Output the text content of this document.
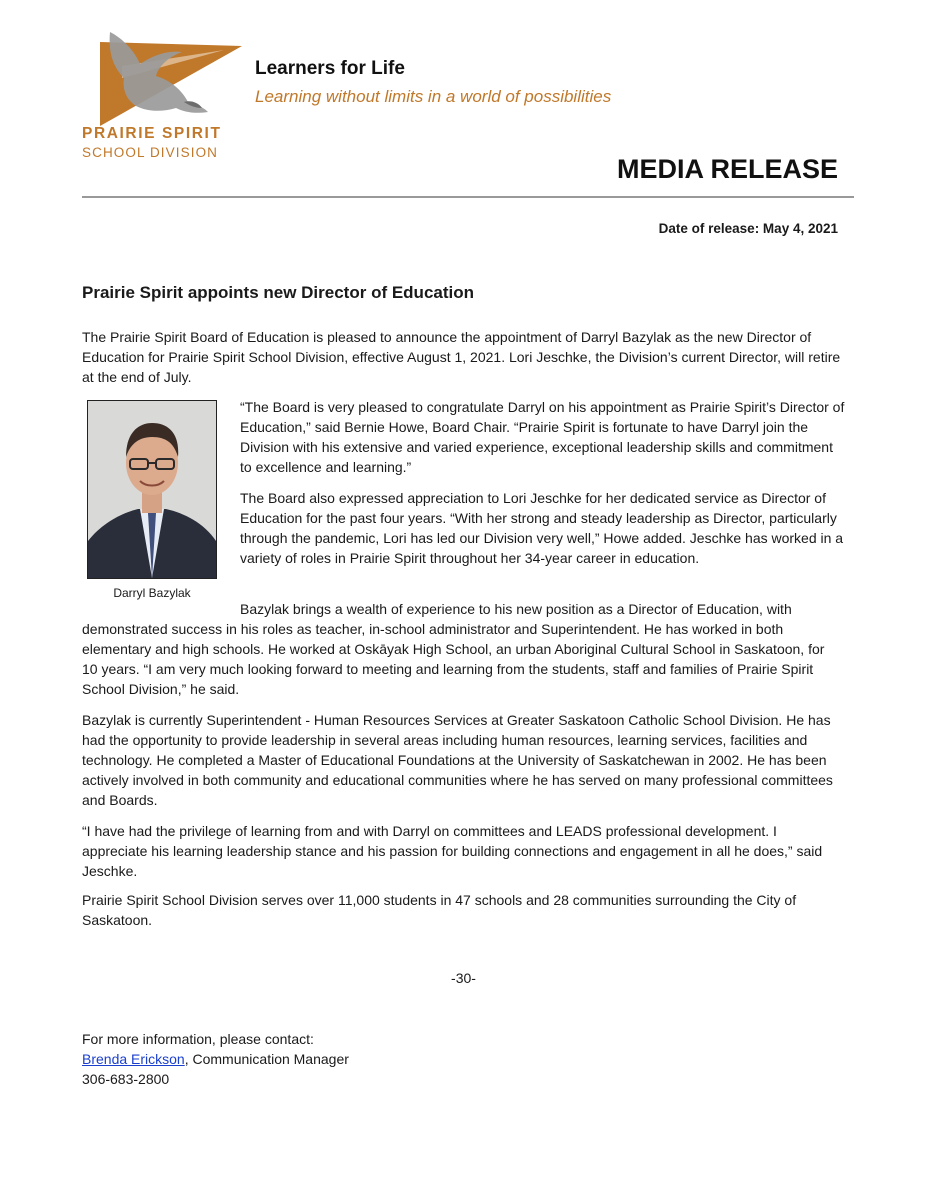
PRAIRIE SPIRIT

SCHOOL DIVISION

Learners for Life

Learning without limits in a world of possibilities

MEDIA RELEASE

Date of release: May 4, 2021

Prairie Spirit appoints new Director of Education

The Prairie Spirit Board of Education is pleased to announce the appointment of Darryl Bazylak as the new Director of Education for Prairie Spirit School Division, effective August 1, 2021. Lori Jeschke, the Division’s current Director, will retire at the end of July.

Darryl Bazylak

“The Board is very pleased to congratulate Darryl on his appointment as Prairie Spirit’s Director of Education,” said Bernie Howe, Board Chair. “Prairie Spirit is fortunate to have Darryl join the Division with his extensive and varied experience, exceptional leadership skills and commitment to excellence and learning.”

The Board also expressed appreciation to Lori Jeschke for her dedicated service as Director of Education for the past four years. “With her strong and steady leadership as Director, particularly through the pandemic, Lori has led our Division very well,” Howe added. Jeschke has worked in a variety of roles in Prairie Spirit throughout her 34-year career in education.

Bazylak brings a wealth of experience to his new position as a Director of Education, with demonstrated success in his roles as teacher, in-school administrator and Superintendent. He has worked in both elementary and high schools. He worked at Oskāyak High School, an urban Aboriginal Cultural School in Saskatoon, for 10 years. “I am very much looking forward to meeting and learning from the students, staff and families of Prairie Spirit School Division,” he said.

Bazylak is currently Superintendent - Human Resources Services at Greater Saskatoon Catholic School Division. He has had the opportunity to provide leadership in several areas including human resources, learning services, facilities and technology. He completed a Master of Educational Foundations at the University of Saskatchewan in 2002. He has been actively involved in both community and educational communities where he has served on many professional committees and Boards.

“I have had the privilege of learning from and with Darryl on committees and LEADS professional development. I appreciate his learning leadership stance and his passion for building connections and engagement in all he does,” said Jeschke.

Prairie Spirit School Division serves over 11,000 students in 47 schools and 28 communities surrounding the City of Saskatoon.

-30-

For more information, please contact:

Brenda Erickson, Communication Manager

306-683-2800
